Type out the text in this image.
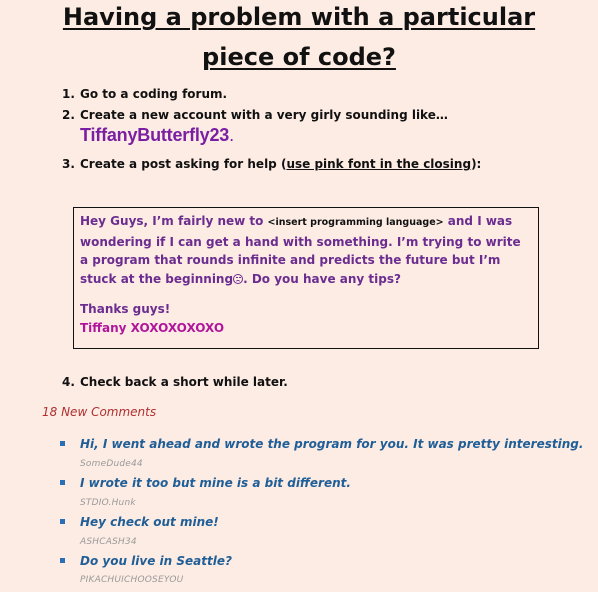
Having a problem with a particular
piece of code?
1. Go to a coding forum.
2. Create a new account with a very girly sounding like…
3. Create a post asking for help (use pink font in the closing):
4. Check back a short while later.
TiffanyButterfly23.
Hey Guys, I’m fairly new to <insert programming language> and I was wondering if I can get a hand with something. I’m trying to write a program that rounds infinite and predicts the future but I’m stuck at the beginning . Do you have any tips?
Thanks guys!
Tiffany XOXOXOXOXO
18 New Comments
Hi, I went ahead and wrote the program for you. It was pretty interesting.
SomeDude44
I wrote it too but mine is a bit different.
STDIO.Hunk
Hey check out mine!
ASHCASH34
Do you live in Seattle?
PIKACHUICHOOSEYOU
